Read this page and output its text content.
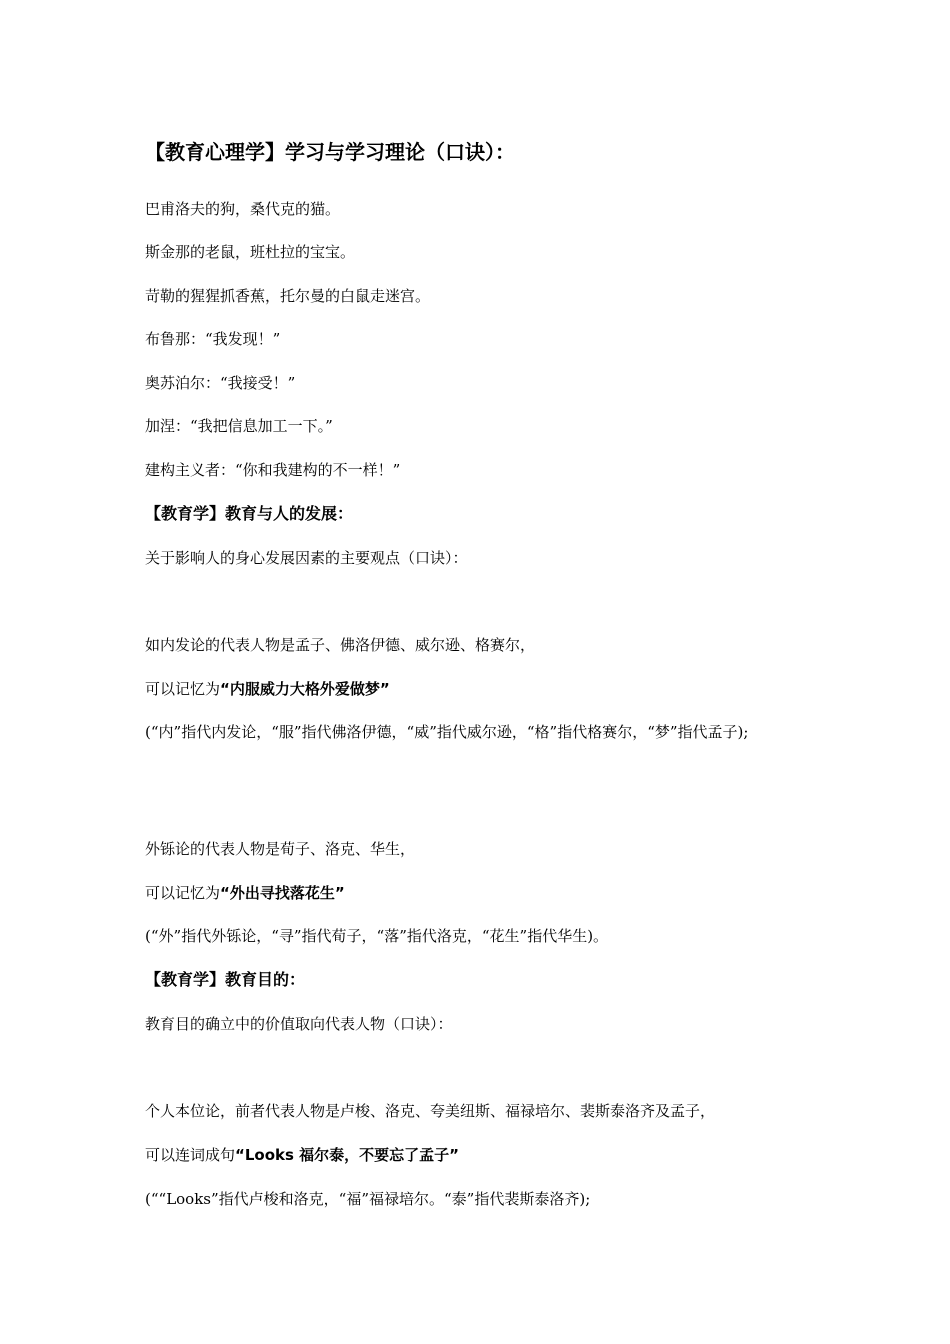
【教育心理学】学习与学习理论（口诀）：
巴甫洛夫的狗，桑代克的猫。
斯金那的老鼠，班杜拉的宝宝。
苛勒的猩猩抓香蕉，托尔曼的白鼠走迷宫。
布鲁那：“我发现！”
奥苏泊尔：“我接受！”
加涅：“我把信息加工一下。”
建构主义者：“你和我建构的不一样！”
【教育学】教育与人的发展：
关于影响人的身心发展因素的主要观点（口诀）：
如内发论的代表人物是孟子、佛洛伊德、威尔逊、格赛尔，
可以记忆为“内服威力大格外爱做梦”
(“内”指代内发论，“服”指代佛洛伊德，“威”指代威尔逊，“格”指代格赛尔，“梦”指代孟子);
外铄论的代表人物是荀子、洛克、华生，
可以记忆为“外出寻找落花生”
(“外”指代外铄论，“寻”指代荀子，“落”指代洛克，“花生”指代华生)。
【教育学】教育目的：
教育目的确立中的价值取向代表人物（口诀）：
个人本位论，前者代表人物是卢梭、洛克、夸美纽斯、福禄培尔、裴斯泰洛齐及孟子，
可以连词成句“Looks 福尔泰，不要忘了孟子”
(““Looks”指代卢梭和洛克，“福”福禄培尔。“泰”指代裴斯泰洛齐);
